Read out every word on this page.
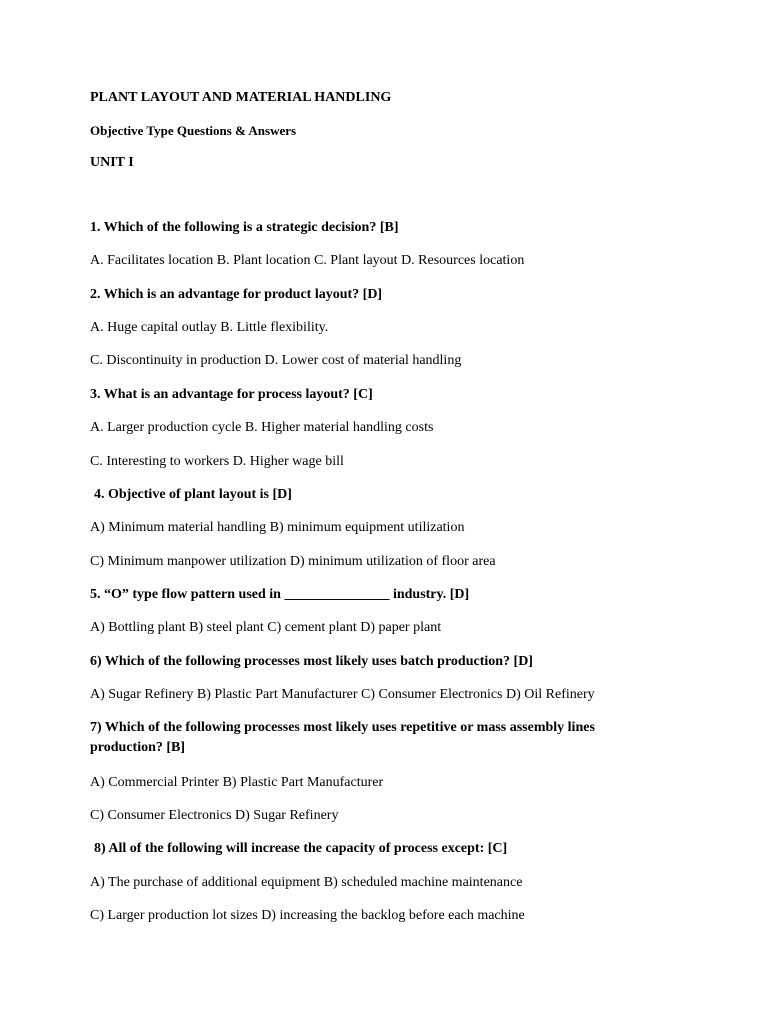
PLANT LAYOUT AND MATERIAL HANDLING
Objective Type Questions & Answers
UNIT I
1. Which of the following is a strategic decision? [B]
A. Facilitates location B. Plant location C. Plant layout D. Resources location
2. Which is an advantage for product layout? [D]
A. Huge capital outlay B. Little flexibility.
C. Discontinuity in production D. Lower cost of material handling
3. What is an advantage for process layout? [C]
A. Larger production cycle B. Higher material handling costs
C. Interesting to workers D. Higher wage bill
4. Objective of plant layout is [D]
A) Minimum material handling B) minimum equipment utilization
C) Minimum manpower utilization D) minimum utilization of floor area
5. “O” type flow pattern used in _______________ industry. [D]
A) Bottling plant B) steel plant C) cement plant D) paper plant
6) Which of the following processes most likely uses batch production? [D]
A) Sugar Refinery B) Plastic Part Manufacturer C) Consumer Electronics D) Oil Refinery
7) Which of the following processes most likely uses repetitive or mass assembly lines production? [B]
A) Commercial Printer B) Plastic Part Manufacturer
C) Consumer Electronics D) Sugar Refinery
8) All of the following will increase the capacity of process except: [C]
A) The purchase of additional equipment B) scheduled machine maintenance
C) Larger production lot sizes D) increasing the backlog before each machine
